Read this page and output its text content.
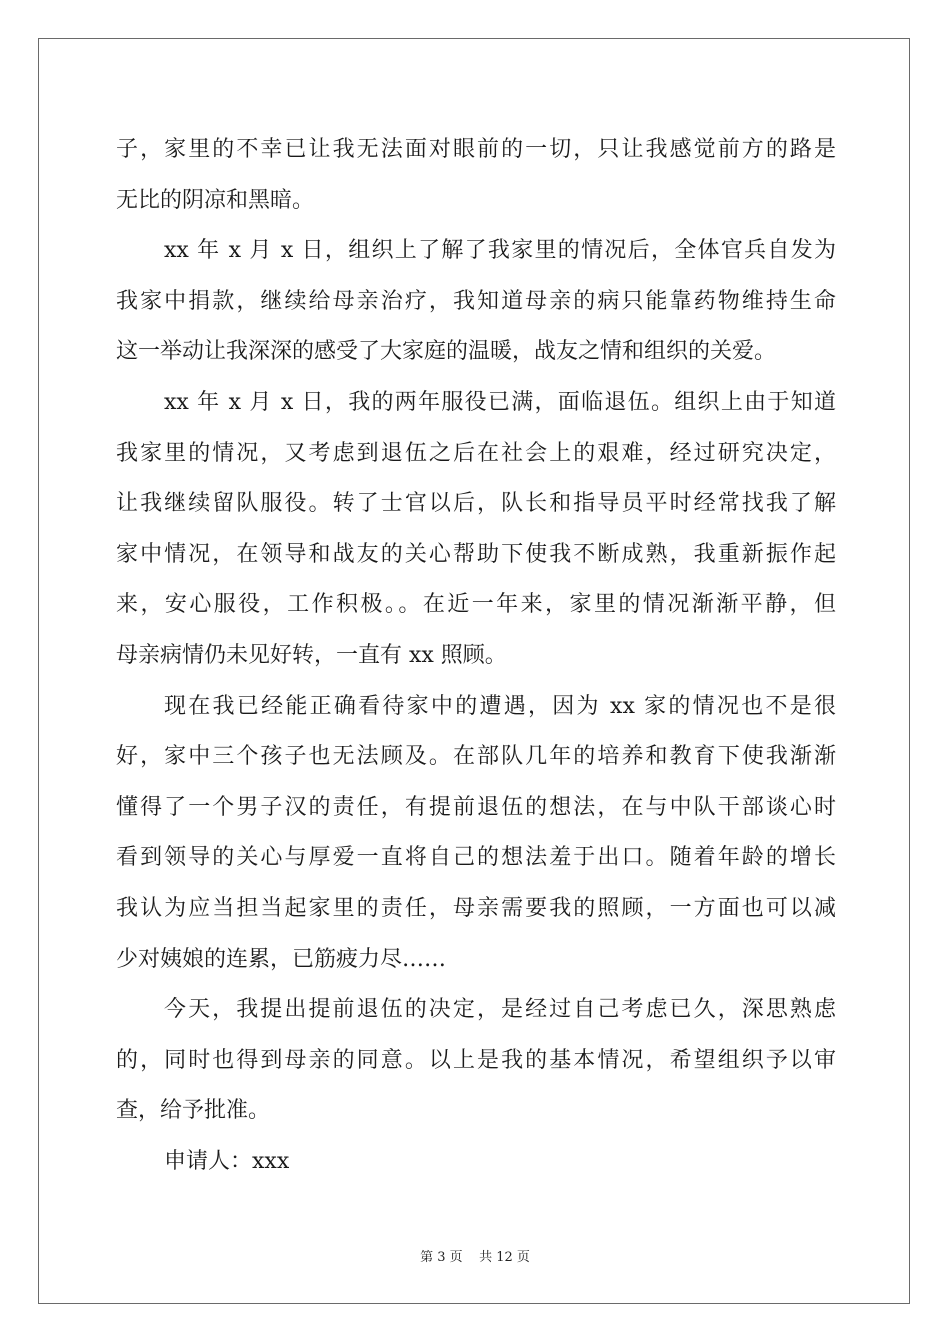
子，家里的不幸已让我无法面对眼前的一切，只让我感觉前方的路是
无比的阴凉和黑暗。
xx 年 x 月 x 日，组织上了解了我家里的情况后，全体官兵自发为
我家中捐款，继续给母亲治疗，我知道母亲的病只能靠药物维持生命
这一举动让我深深的感受了大家庭的温暖，战友之情和组织的关爱。
xx 年 x 月 x 日，我的两年服役已满，面临退伍。组织上由于知道
我家里的情况，又考虑到退伍之后在社会上的艰难，经过研究决定，
让我继续留队服役。转了士官以后，队长和指导员平时经常找我了解
家中情况，在领导和战友的关心帮助下使我不断成熟，我重新振作起
来，安心服役，工作积极。。在近一年来，家里的情况渐渐平静，但
母亲病情仍未见好转，一直有 xx 照顾。
现在我已经能正确看待家中的遭遇，因为 xx 家的情况也不是很
好，家中三个孩子也无法顾及。在部队几年的培养和教育下使我渐渐
懂得了一个男子汉的责任，有提前退伍的想法，在与中队干部谈心时
看到领导的关心与厚爱一直将自己的想法羞于出口。随着年龄的增长
我认为应当担当起家里的责任，母亲需要我的照顾，一方面也可以减
少对姨娘的连累，已筋疲力尽……
今天，我提出提前退伍的决定，是经过自己考虑已久，深思熟虑
的，同时也得到母亲的同意。以上是我的基本情况，希望组织予以审
查，给予批准。
申请人：xxx
第 3 页    共 12 页
